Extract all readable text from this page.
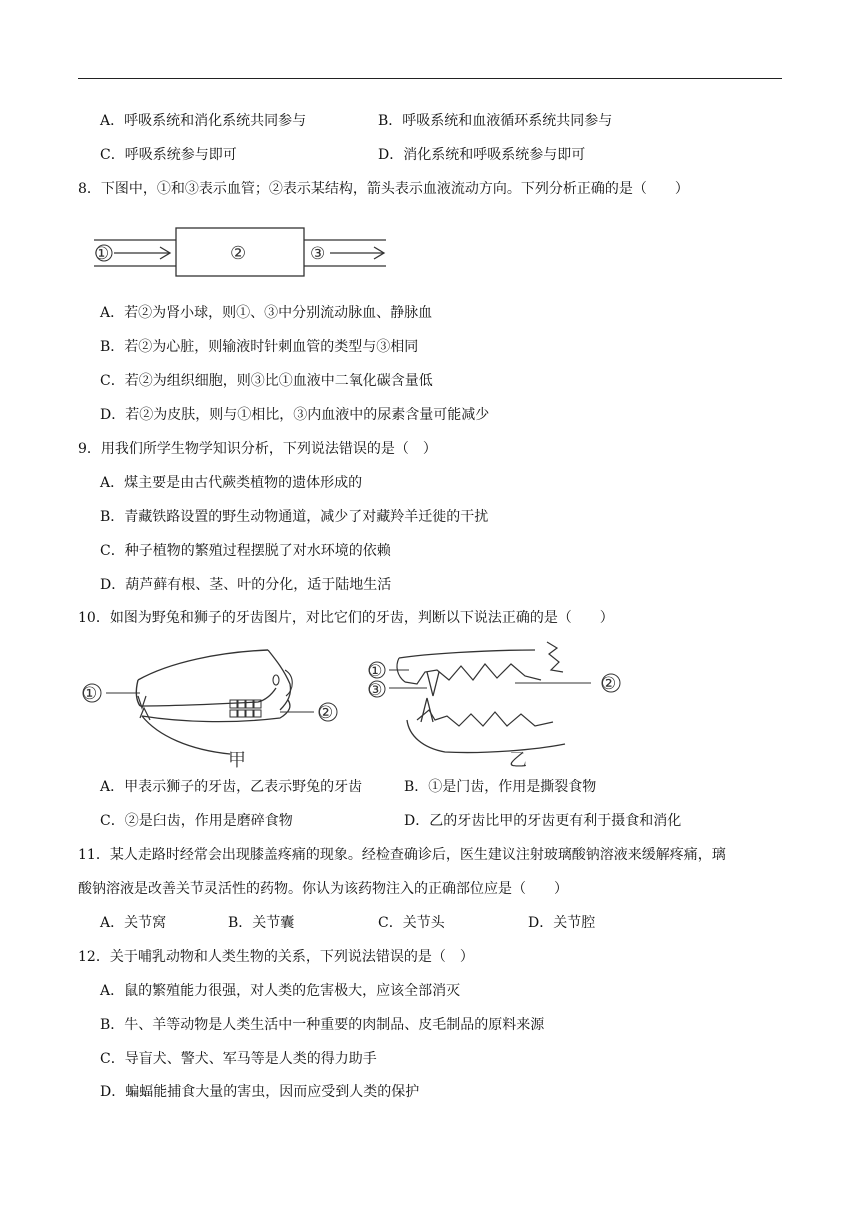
A．呼吸系统和消化系统共同参与	B．呼吸系统和血液循环系统共同参与
C．呼吸系统参与即可	D．消化系统和呼吸系统参与即可
8．下图中，①和③表示血管；②表示某结构，箭头表示血液流动方向。下列分析正确的是（　　）
①	②	③
A．若②为肾小球，则①、③中分别流动脉血、静脉血
B．若②为心脏，则输液时针刺血管的类型与③相同
C．若②为组织细胞，则③比①血液中二氧化碳含量低
D．若②为皮肤，则与①相比，③内血液中的尿素含量可能减少
9．用我们所学生物学知识分析，下列说法错误的是（　）
A．煤主要是由古代蕨类植物的遗体形成的
B．青藏铁路设置的野生动物通道，减少了对藏羚羊迁徙的干扰
C．种子植物的繁殖过程摆脱了对水环境的依赖
D．葫芦藓有根、茎、叶的分化，适于陆地生活
10．如图为野兔和狮子的牙齿图片，对比它们的牙齿，判断以下说法正确的是（　　）
①
②
甲
①
③	②
乙
A．甲表示狮子的牙齿，乙表示野兔的牙齿	B．①是门齿，作用是撕裂食物
C．②是臼齿，作用是磨碎食物	D．乙的牙齿比甲的牙齿更有利于摄食和消化
11．某人走路时经常会出现膝盖疼痛的现象。经检查确诊后，医生建议注射玻璃酸钠溶液来缓解疼痛，璃
酸钠溶液是改善关节灵活性的药物。你认为该药物注入的正确部位应是（　　）
A．关节窝	B．关节囊	C．关节头	D．关节腔
12．关于哺乳动物和人类生物的关系，下列说法错误的是（　）
A．鼠的繁殖能力很强，对人类的危害极大，应该全部消灭
B．牛、羊等动物是人类生活中一种重要的肉制品、皮毛制品的原料来源
C．导盲犬、警犬、军马等是人类的得力助手
D．蝙蝠能捕食大量的害虫，因而应受到人类的保护
